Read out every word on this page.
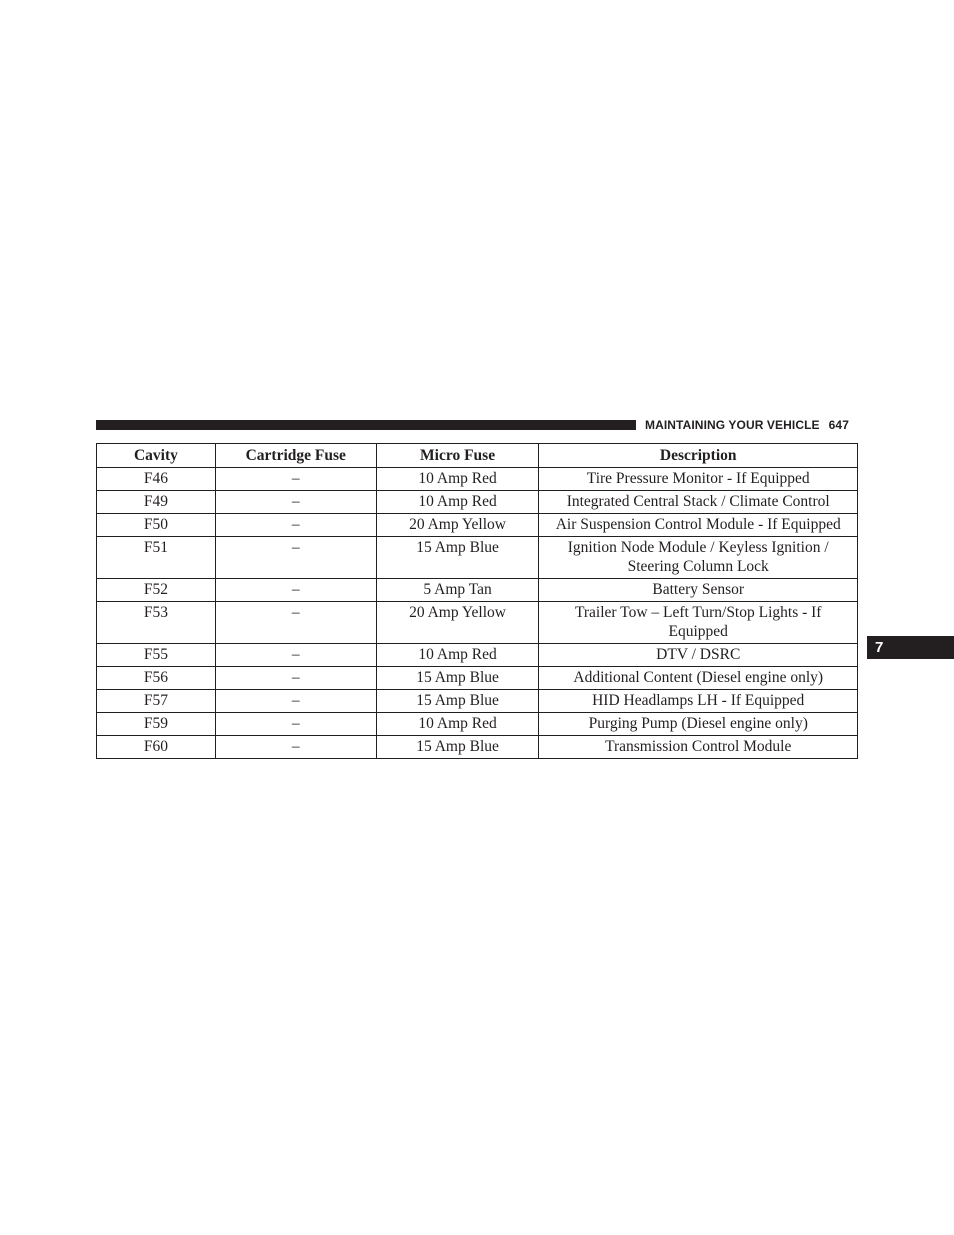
MAINTAINING YOUR VEHICLE 647
7
Cavity	Cartridge Fuse	Micro Fuse	Description
F46	–	10 Amp Red	Tire Pressure Monitor - If Equipped
F49	–	10 Amp Red	Integrated Central Stack / Climate Control
F50	–	20 Amp Yellow	Air Suspension Control Module - If Equipped
F51	–	15 Amp Blue	Ignition Node Module / Keyless Ignition / Steering Column Lock
F52	–	5 Amp Tan	Battery Sensor
F53	–	20 Amp Yellow	Trailer Tow – Left Turn/Stop Lights - If Equipped
F55	–	10 Amp Red	DTV / DSRC
F56	–	15 Amp Blue	Additional Content (Diesel engine only)
F57	–	15 Amp Blue	HID Headlamps LH - If Equipped
F59	–	10 Amp Red	Purging Pump (Diesel engine only)
F60	–	15 Amp Blue	Transmission Control Module
